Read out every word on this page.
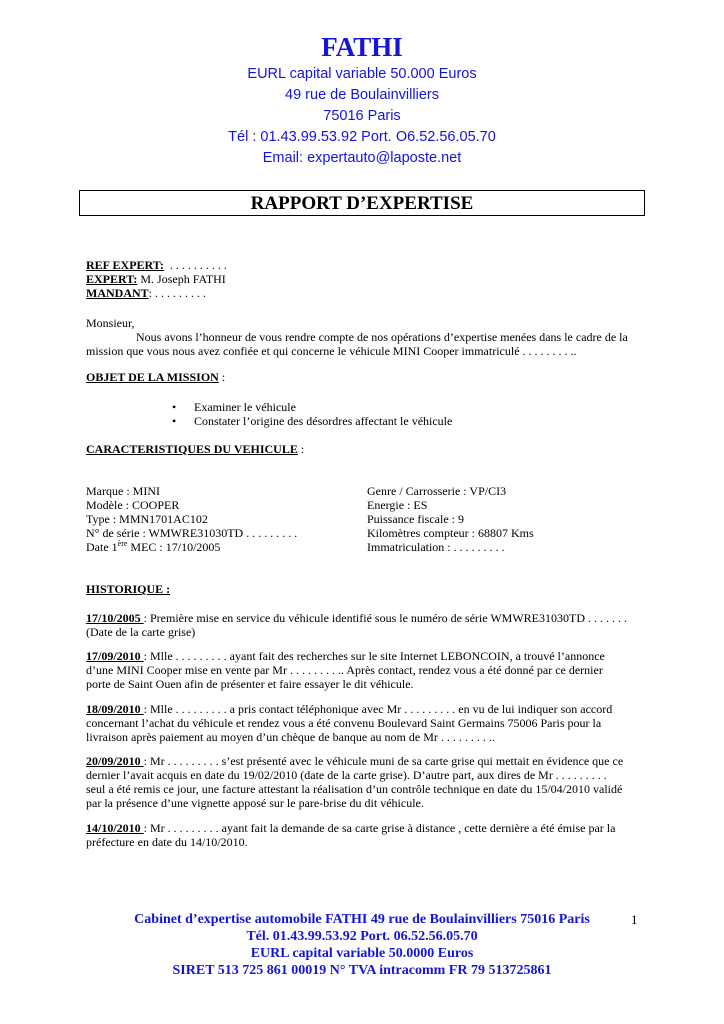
FATHI
EURL capital variable 50.000 Euros
49 rue de Boulainvilliers
75016 Paris
Tél : 01.43.99.53.92 Port. O6.52.56.05.70
Email: expertauto@laposte.net
RAPPORT D’EXPERTISE
REF EXPERT:  . . . . . . . . . .
EXPERT: M. Joseph FATHI
MANDANT: . . . . . . . . .
Monsieur,
Nous avons l’honneur de vous rendre compte de nos opérations d’expertise menées dans le cadre de la
mission que vous nous avez confiée et qui concerne le véhicule MINI Cooper immatriculé . . . . . . . . ..
OBJET DE LA MISSION :
• Examiner le véhicule
• Constater l’origine des désordres affectant le véhicule
CARACTERISTIQUES DU VEHICULE :
Marque : MINI
Modèle : COOPER
Type : MMN1701AC102
N° de série : WMWRE31030TD . . . . . . . . .
Date 1ère MEC : 17/10/2005
Genre / Carrosserie : VP/CI3
Energie : ES
Puissance fiscale : 9
Kilomètres compteur : 68807 Kms
Immatriculation : . . . . . . . . .
HISTORIQUE :
17/10/2005 : Première mise en service du véhicule identifié sous le numéro de série WMWRE31030TD . . . . . . .
(Date de la carte grise)
17/09/2010 : Mlle . . . . . . . . . ayant fait des recherches sur le site Internet LEBONCOIN, a trouvé l’annonce
d’une MINI Cooper mise en vente par Mr . . . . . . . . .. Après contact, rendez vous a été donné par ce dernier
porte de Saint Ouen afin de présenter et faire essayer le dit véhicule.
18/09/2010 : Mlle . . . . . . . . . a pris contact téléphonique avec Mr . . . . . . . . . en vu de lui indiquer son accord
concernant l’achat du véhicule et rendez vous a été convenu Boulevard Saint Germains 75006 Paris pour la
livraison après paiement au moyen d’un chèque de banque au nom de Mr . . . . . . . . ..
20/09/2010 : Mr . . . . . . . . . s’est présenté avec le véhicule muni de sa carte grise qui mettait en évidence que ce
dernier l’avait acquis en date du 19/02/2010 (date de la carte grise). D’autre part, aux dires de Mr . . . . . . . . .
seul a été remis ce jour, une facture attestant la réalisation d’un contrôle technique en date du 15/04/2010 validé
par la présence d’une vignette apposé sur le pare-brise du dit véhicule.
14/10/2010 : Mr . . . . . . . . . ayant fait la demande de sa carte grise à distance , cette dernière a été émise par la
préfecture en date du 14/10/2010.
1
Cabinet d’expertise automobile FATHI 49 rue de Boulainvilliers 75016 Paris
Tél. 01.43.99.53.92 Port. 06.52.56.05.70
EURL capital variable 50.0000 Euros
SIRET 513 725 861 00019 N° TVA intracomm FR 79 513725861
